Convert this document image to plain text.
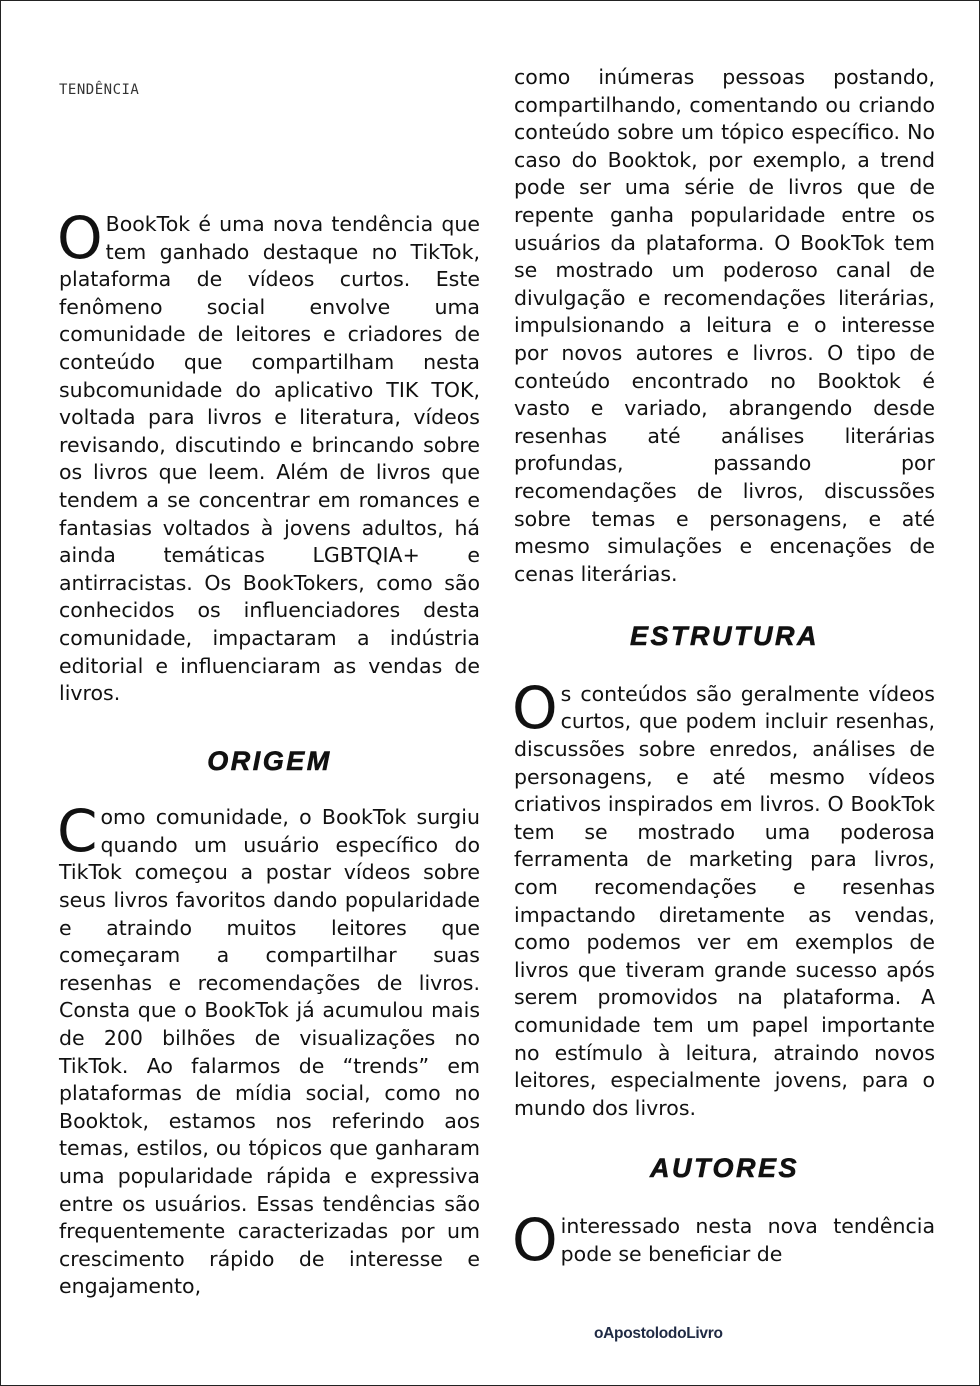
TENDÊNCIA

O BookTok é uma nova tendência que tem ganhado destaque no TikTok, plataforma de vídeos curtos. Este fenômeno social envolve uma comunidade de leitores e criadores de conteúdo que compartilham nesta subcomunidade do aplicativo TIK TOK, voltada para livros e literatura, vídeos revisando, discutindo e brincando sobre os livros que leem. Além de livros que tendem a se concentrar em romances e fantasias voltados à jovens adultos, há ainda temáticas LGBTQIA+ e antirracistas. Os BookTokers, como são conhecidos os influenciadores desta comunidade, impactaram a indústria editorial e influenciaram as vendas de livros.

ORIGEM

Como comunidade, o BookTok surgiu quando um usuário específico do TikTok começou a postar vídeos sobre seus livros favoritos dando popularidade e atraindo muitos leitores que começaram a compartilhar suas resenhas e recomendações de livros. Consta que o BookTok já acumulou mais de 200 bilhões de visualizações no TikTok. Ao falarmos de “trends” em plataformas de mídia social, como no Booktok, estamos nos referindo aos temas, estilos, ou tópicos que ganharam uma popularidade rápida e expressiva entre os usuários. Essas tendências são frequentemente caracterizadas por um crescimento rápido de interesse e engajamento,

como inúmeras pessoas postando, compartilhando, comentando ou criando conteúdo sobre um tópico específico. No caso do Booktok, por exemplo, a trend pode ser uma série de livros que de repente ganha popularidade entre os usuários da plataforma. O BookTok tem se mostrado um poderoso canal de divulgação e recomendações literárias, impulsionando a leitura e o interesse por novos autores e livros. O tipo de conteúdo encontrado no Booktok é vasto e variado, abrangendo desde resenhas até análises literárias profundas, passando por recomendações de livros, discussões sobre temas e personagens, e até mesmo simulações e encenações de cenas literárias.

ESTRUTURA

Os conteúdos são geralmente vídeos curtos, que podem incluir resenhas, discussões sobre enredos, análises de personagens, e até mesmo vídeos criativos inspirados em livros. O BookTok tem se mostrado uma poderosa ferramenta de marketing para livros, com recomendações e resenhas impactando diretamente as vendas, como podemos ver em exemplos de livros que tiveram grande sucesso após serem promovidos na plataforma. A comunidade tem um papel importante no estímulo à leitura, atraindo novos leitores, especialmente jovens, para o mundo dos livros.

AUTORES

Ointeressado nesta nova tendência pode se beneficiar de

oApostolodoLivro
